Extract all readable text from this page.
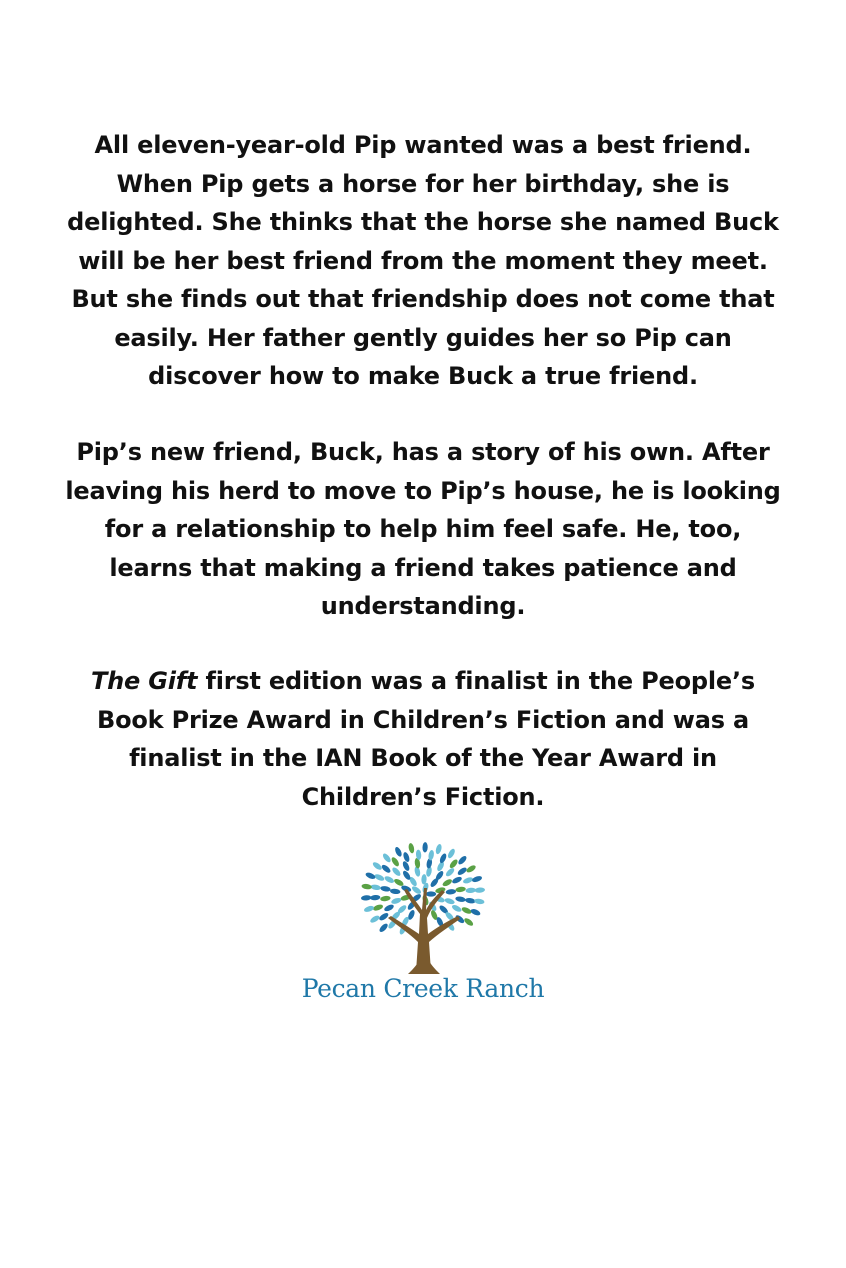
All eleven-year-old Pip wanted was a best friend. When Pip gets a horse for her birthday, she is delighted. She thinks that the horse she named Buck will be her best friend from the moment they meet. But she finds out that friendship does not come that easily. Her father gently guides her so Pip can discover how to make Buck a true friend.

Pip’s new friend, Buck, has a story of his own. After leaving his herd to move to Pip’s house, he is looking for a relationship to help him feel safe. He, too, learns that making a friend takes patience and understanding.

The Gift first edition was a finalist in the People’s Book Prize Award in Children’s Fiction and was a finalist in the IAN Book of the Year Award in Children’s Fiction.

Pecan Creek Ranch
